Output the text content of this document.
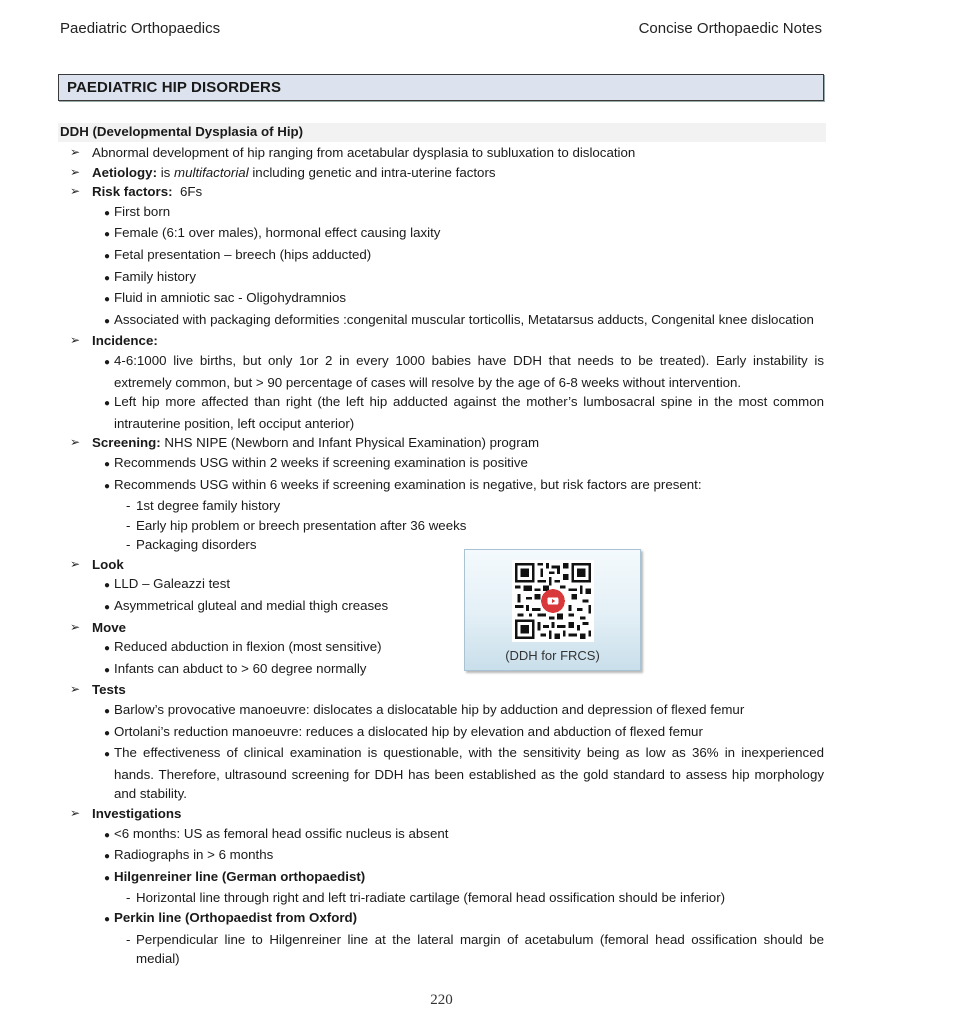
Paediatric Orthopaedics	Concise Orthopaedic Notes
PAEDIATRIC HIP DISORDERS
DDH (Developmental Dysplasia of Hip)
➢ Abnormal development of hip ranging from acetabular dysplasia to subluxation to dislocation
➢ Aetiology: is multifactorial including genetic and intra-uterine factors
➢ Risk factors:  6Fs
● First born
● Female (6:1 over males), hormonal effect causing laxity
● Fetal presentation – breech (hips adducted)
● Family history
● Fluid in amniotic sac - Oligohydramnios
● Associated with packaging deformities :congenital muscular torticollis, Metatarsus adducts, Congenital knee dislocation
➢ Incidence:
● 4-6:1000 live births, but only 1or 2 in every 1000 babies have DDH that needs to be treated). Early instability is extremely common, but > 90 percentage of cases will resolve by the age of 6-8 weeks without intervention.
● Left hip more affected than right (the left hip adducted against the mother’s lumbosacral spine in the most common intrauterine position, left occiput anterior)
➢ Screening: NHS NIPE (Newborn and Infant Physical Examination) program
● Recommends USG within 2 weeks if screening examination is positive
● Recommends USG within 6 weeks if screening examination is negative, but risk factors are present:
- 1st degree family history
- Early hip problem or breech presentation after 36 weeks
- Packaging disorders
➢ Look
● LLD – Galeazzi test
● Asymmetrical gluteal and medial thigh creases
➢ Move
● Reduced abduction in flexion (most sensitive)
● Infants can abduct to > 60 degree normally
➢ Tests
● Barlow’s provocative manoeuvre: dislocates a dislocatable hip by adduction and depression of flexed femur
● Ortolani’s reduction manoeuvre: reduces a dislocated hip by elevation and abduction of flexed femur
● The effectiveness of clinical examination is questionable, with the sensitivity being as low as 36% in inexperienced hands. Therefore, ultrasound screening for DDH has been established as the gold standard to assess hip morphology and stability.
➢ Investigations
● <6 months: US as femoral head ossific nucleus is absent
● Radiographs in > 6 months
● Hilgenreiner line (German orthopaedist)
- Horizontal line through right and left tri-radiate cartilage (femoral head ossification should be inferior)
● Perkin line (Orthopaedist from Oxford)
- Perpendicular line to Hilgenreiner line at the lateral margin of acetabulum (femoral head ossification should be medial)
(DDH for FRCS)
220
